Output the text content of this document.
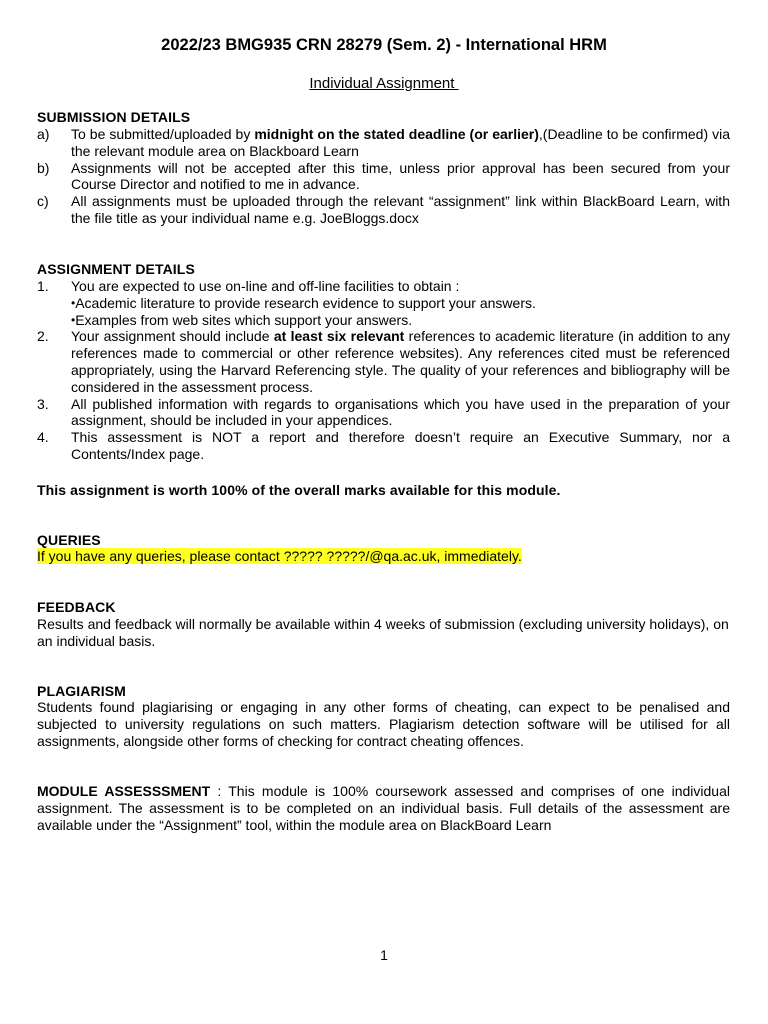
2022/23 BMG935 CRN 28279 (Sem. 2) - International HRM
Individual Assignment
SUBMISSION DETAILS
a)	To be submitted/uploaded by midnight on the stated deadline (or earlier),(Deadline to be confirmed) via the relevant module area on Blackboard Learn
b)	Assignments will not be accepted after this time, unless prior approval has been secured from your Course Director and notified to me in advance.
c)	All assignments must be uploaded through the relevant “assignment” link within BlackBoard Learn, with the file title as your individual name e.g. JoeBloggs.docx
ASSIGNMENT DETAILS
1.	You are expected to use on-line and off-line facilities to obtain :
• Academic literature to provide research evidence to support your answers.
• Examples from web sites which support your answers.
2.	Your assignment should include at least six relevant references to academic literature (in addition to any references made to commercial or other reference websites). Any references cited must be referenced appropriately, using the Harvard Referencing style. The quality of your references and bibliography will be considered in the assessment process.
3.	All published information with regards to organisations which you have used in the preparation of your assignment, should be included in your appendices.
4.	This assessment is NOT a report and therefore doesn’t require an Executive Summary, nor a Contents/Index page.
This assignment is worth 100% of the overall marks available for this module.
QUERIES
If you have any queries, please contact ????? ?????/@qa.ac.uk, immediately.
FEEDBACK
Results and feedback will normally be available within 4 weeks of submission (excluding university holidays), on an individual basis.
PLAGIARISM
Students found plagiarising or engaging in any other forms of cheating, can expect to be penalised and subjected to university regulations on such matters. Plagiarism detection software will be utilised for all assignments, alongside other forms of checking for contract cheating offences.
MODULE ASSESSSMENT : This module is 100% coursework assessed and comprises of one individual assignment. The assessment is to be completed on an individual basis. Full details of the assessment are available under the “Assignment” tool, within the module area on BlackBoard Learn
1
